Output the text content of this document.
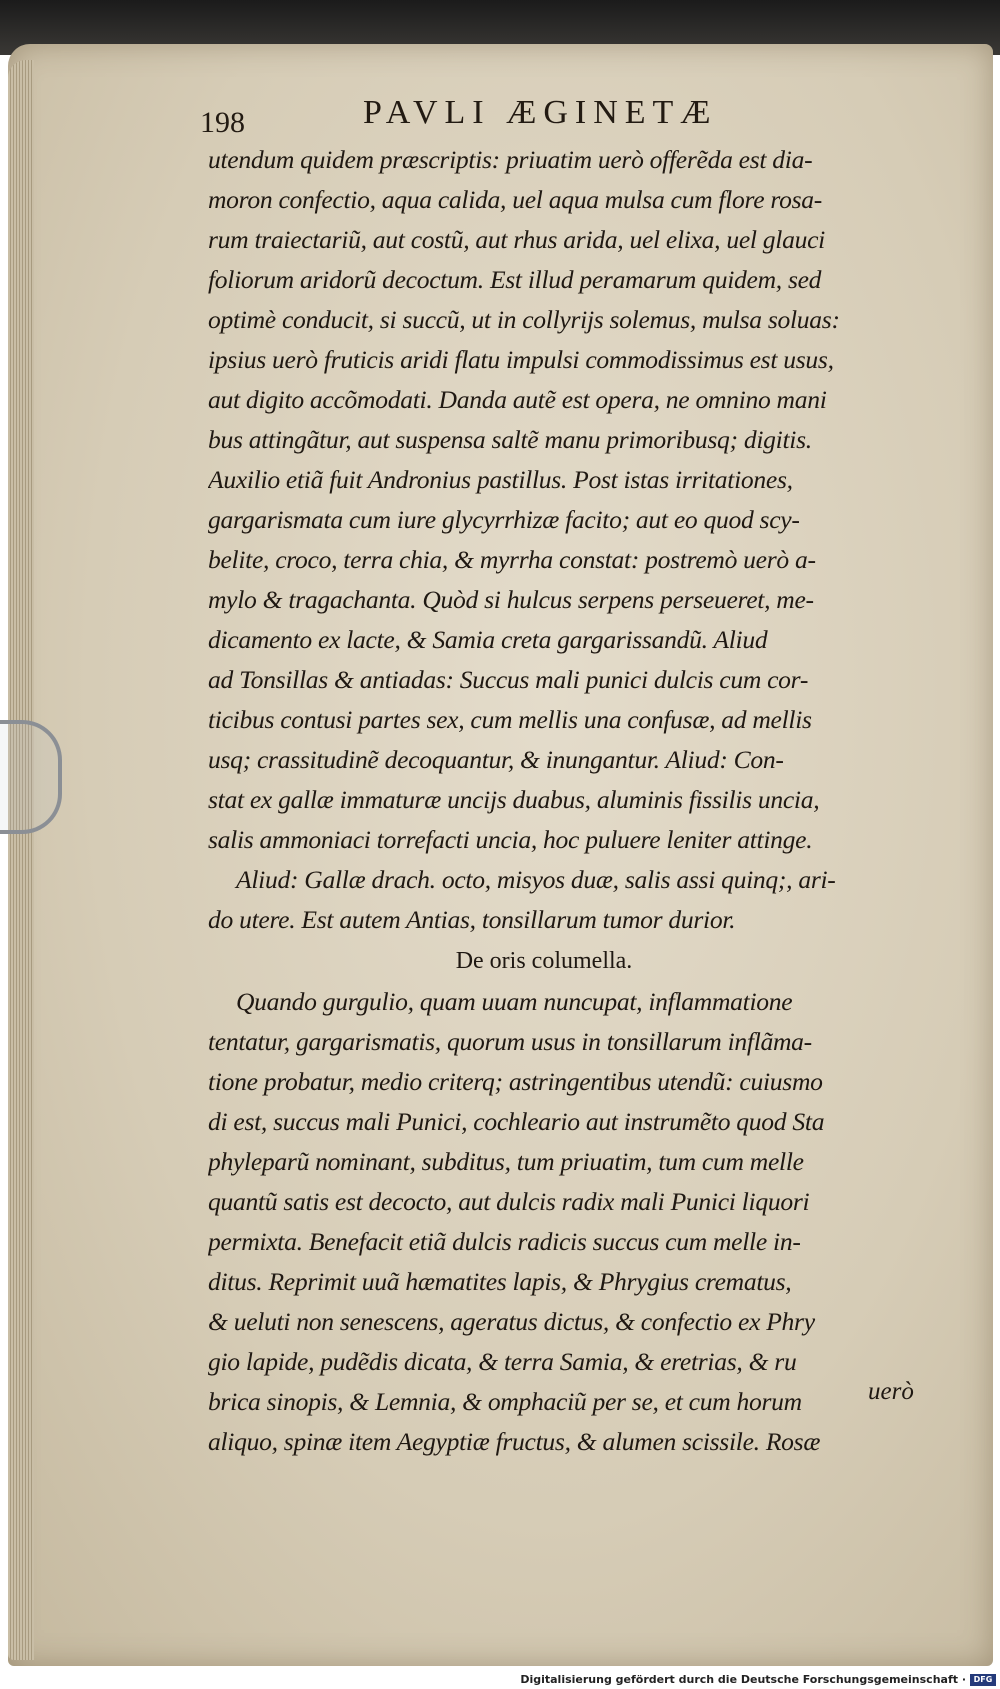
198	PAVLI ÆGINETÆ
utendum quidem præscriptis: priuatim uerò offerẽda est dia-
moron confectio, aqua calida, uel aqua mulsa cum flore rosa-
rum traiectariũ, aut costũ, aut rhus arida, uel elixa, uel glauci
foliorum aridorũ decoctum. Est illud peramarum quidem, sed
optimè conducit, si succũ, ut in collyrijs solemus, mulsa soluas:
ipsius uerò fruticis aridi flatu impulsi commodissimus est usus,
aut digito accõmodati. Danda autẽ est opera, ne omnino mani
bus attingãtur, aut suspensa saltẽ manu primoribusq; digitis.
Auxilio etiã fuit Andronius pastillus. Post istas irritationes,
gargarismata cum iure glycyrrhizæ facito; aut eo quod scy-
belite, croco, terra chia, & myrrha constat: postremò uerò a-
mylo & tragachanta. Quòd si hulcus serpens perseueret, me-
dicamento ex lacte, & Samia creta gargarissandũ. Aliud
ad Tonsillas & antiadas: Succus mali punici dulcis cum cor-
ticibus contusi partes sex, cum mellis una confusæ, ad mellis
usq; crassitudinẽ decoquantur, & inungantur. Aliud: Con-
stat ex gallæ immaturæ uncijs duabus, aluminis fissilis uncia,
salis ammoniaci torrefacti uncia, hoc puluere leniter attinge.
Aliud: Gallæ drach. octo, misyos duæ, salis assi quinq;, ari-
do utere. Est autem Antias, tonsillarum tumor durior.
De oris columella.
Quando gurgulio, quam uuam nuncupat, inflammatione
tentatur, gargarismatis, quorum usus in tonsillarum inflãma-
tione probatur, medio criterq; astringentibus utendũ: cuiusmo
di est, succus mali Punici, cochleario aut instrumẽto quod Sta
phyleparũ nominant, subditus, tum priuatim, tum cum melle
quantũ satis est decocto, aut dulcis radix mali Punici liquori
permixta. Benefacit etiã dulcis radicis succus cum melle in-
ditus. Reprimit uuã hæmatites lapis, & Phrygius crematus,
& ueluti non senescens, ageratus dictus, & confectio ex Phry
gio lapide, pudẽdis dicata, & terra Samia, & eretrias, & ru
brica sinopis, & Lemnia, & omphaciũ per se, et cum horum
aliquo, spinæ item Aegyptiæ fructus, & alumen scissile. Rosæ
uerò
Digitalisierung gefördert durch die Deutsche Forschungsgemeinschaft · DFG
